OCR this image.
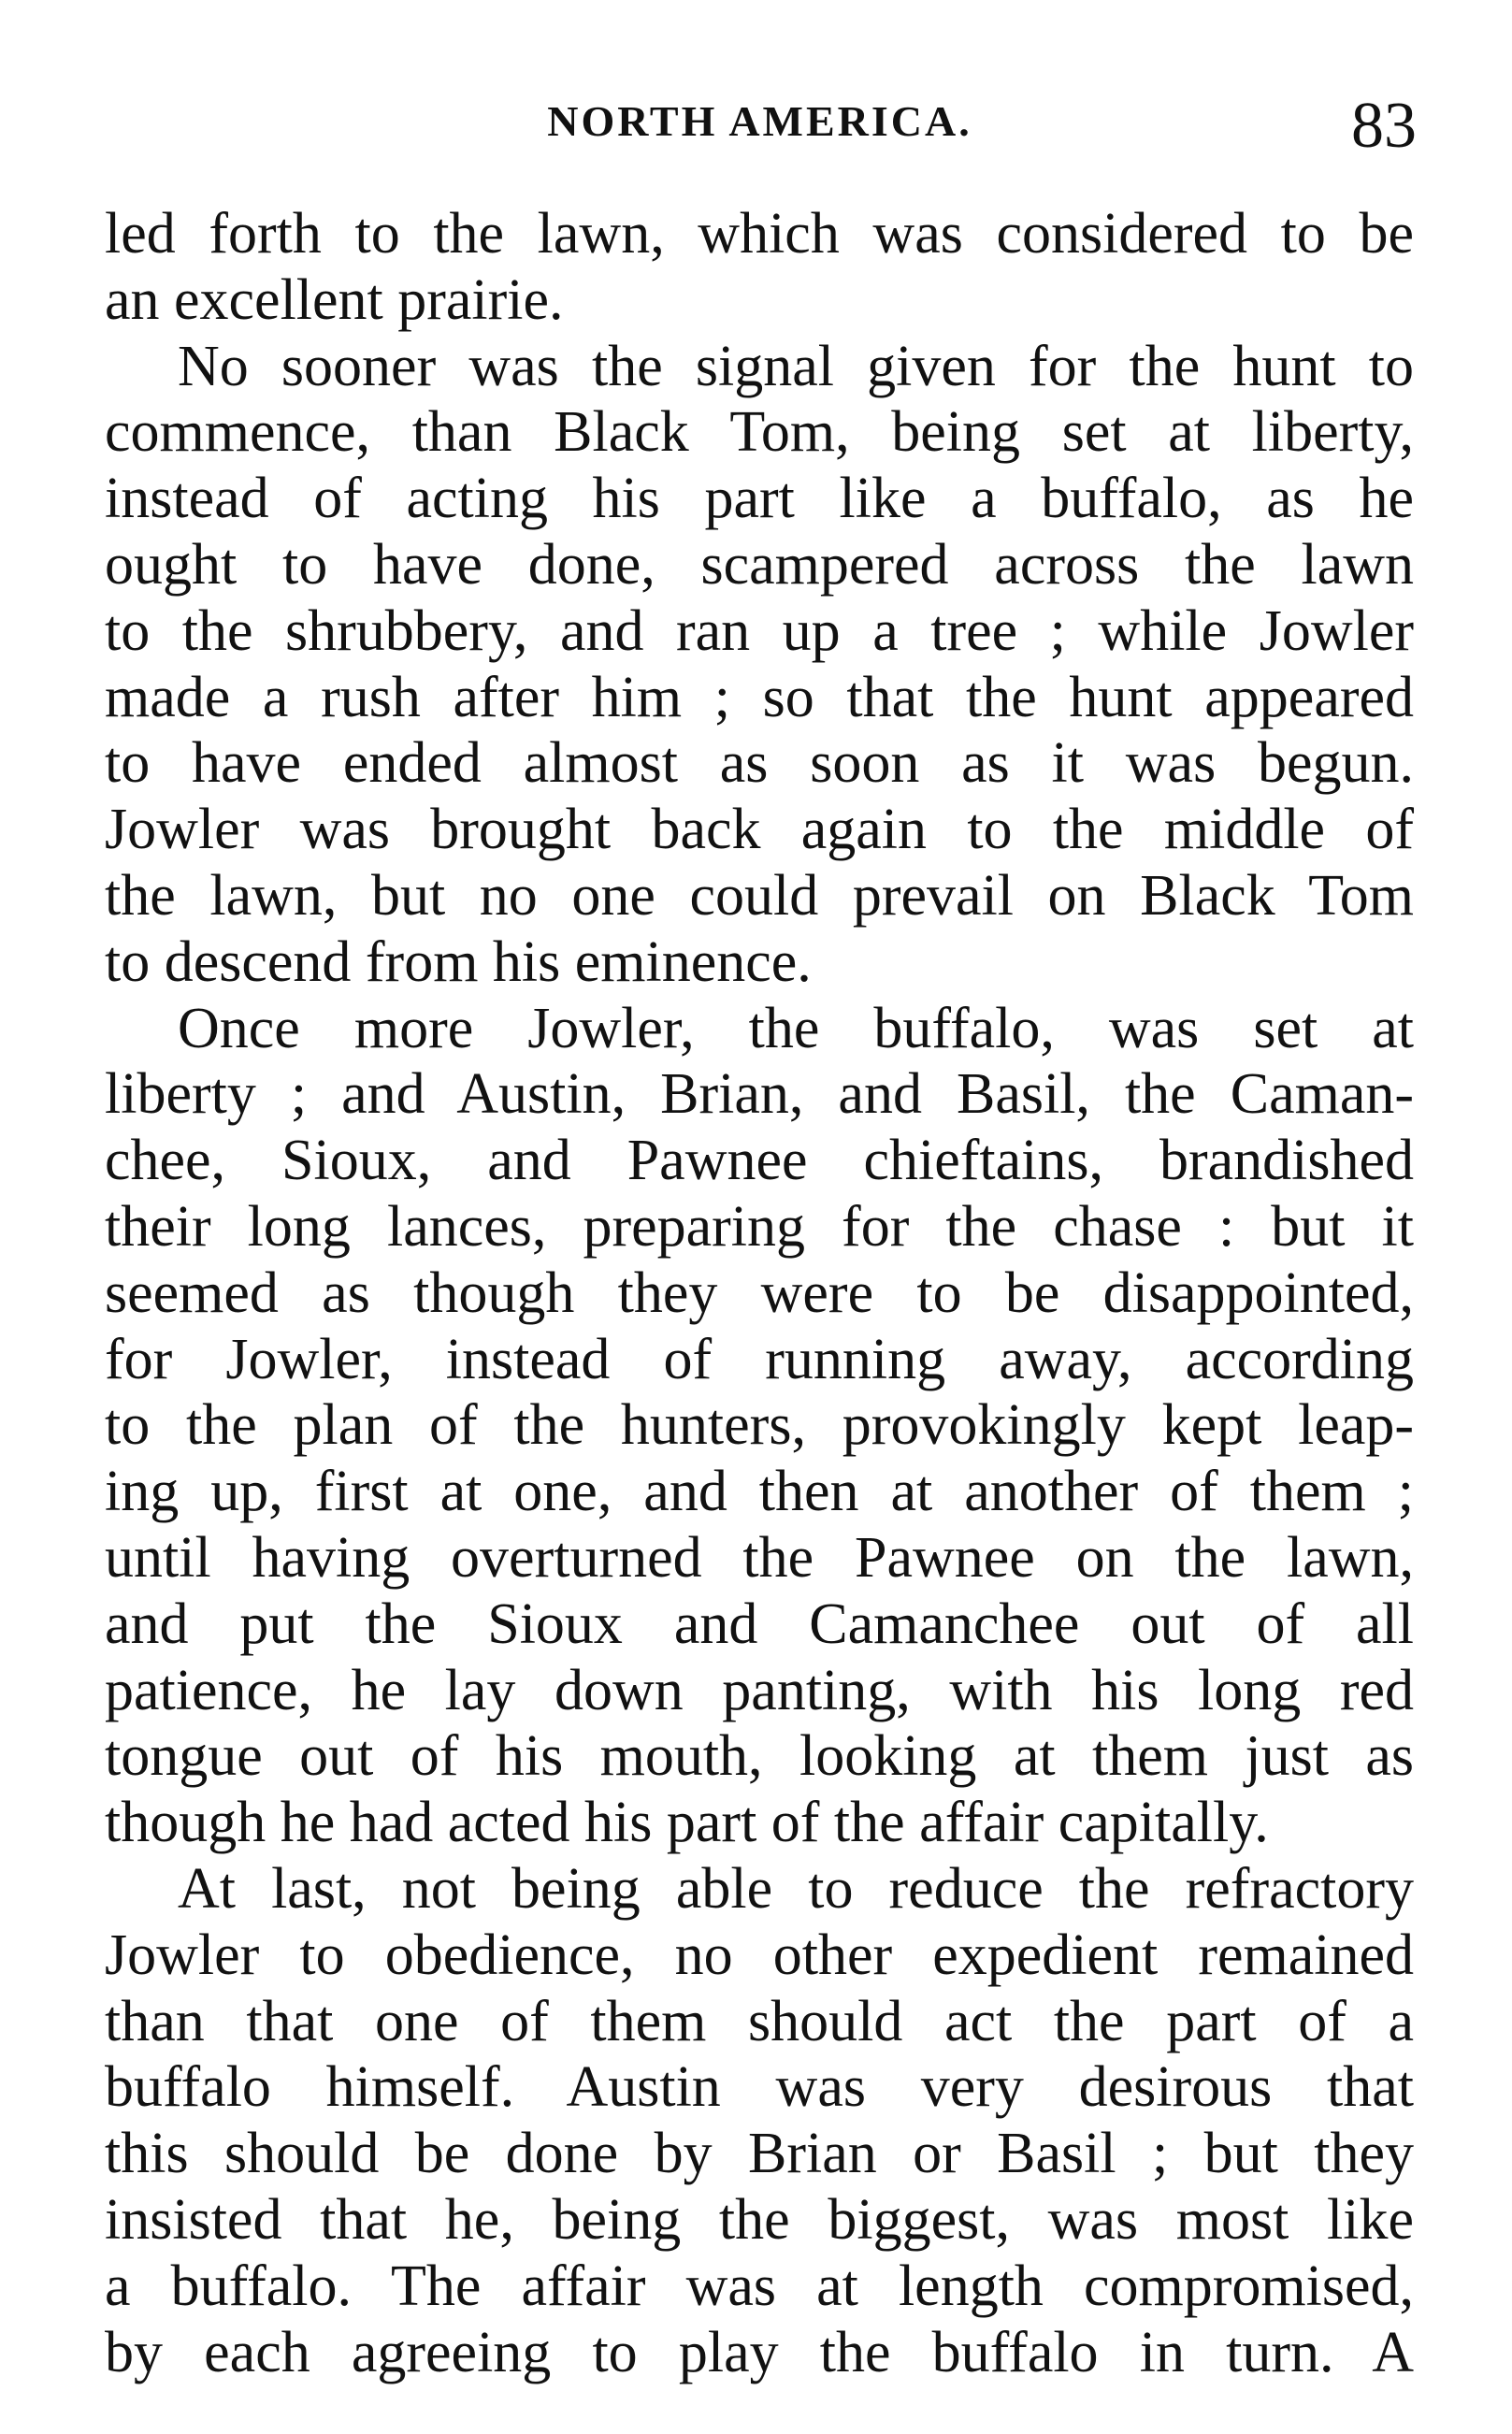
NORTH AMERICA.	83
led forth to the lawn, which was considered to be
an excellent prairie.
No sooner was the signal given for the hunt to
commence, than Black Tom, being set at liberty,
instead of acting his part like a buffalo, as he
ought to have done, scampered across the lawn
to the shrubbery, and ran up a tree ; while Jowler
made a rush after him ; so that the hunt appeared
to have ended almost as soon as it was begun.
Jowler was brought back again to the middle of
the lawn, but no one could prevail on Black Tom
to descend from his eminence.
Once more Jowler, the buffalo, was set at
liberty ; and Austin, Brian, and Basil, the Caman-
chee, Sioux, and Pawnee chieftains, brandished
their long lances, preparing for the chase : but it
seemed as though they were to be disappointed,
for Jowler, instead of running away, according
to the plan of the hunters, provokingly kept leap-
ing up, first at one, and then at another of them ;
until having overturned the Pawnee on the lawn,
and put the Sioux and Camanchee out of all
patience, he lay down panting, with his long red
tongue out of his mouth, looking at them just as
though he had acted his part of the affair capitally.
At last, not being able to reduce the refractory
Jowler to obedience, no other expedient remained
than that one of them should act the part of a
buffalo himself. Austin was very desirous that
this should be done by Brian or Basil ; but they
insisted that he, being the biggest, was most like
a buffalo. The affair was at length compromised,
by each agreeing to play the buffalo in turn. A
